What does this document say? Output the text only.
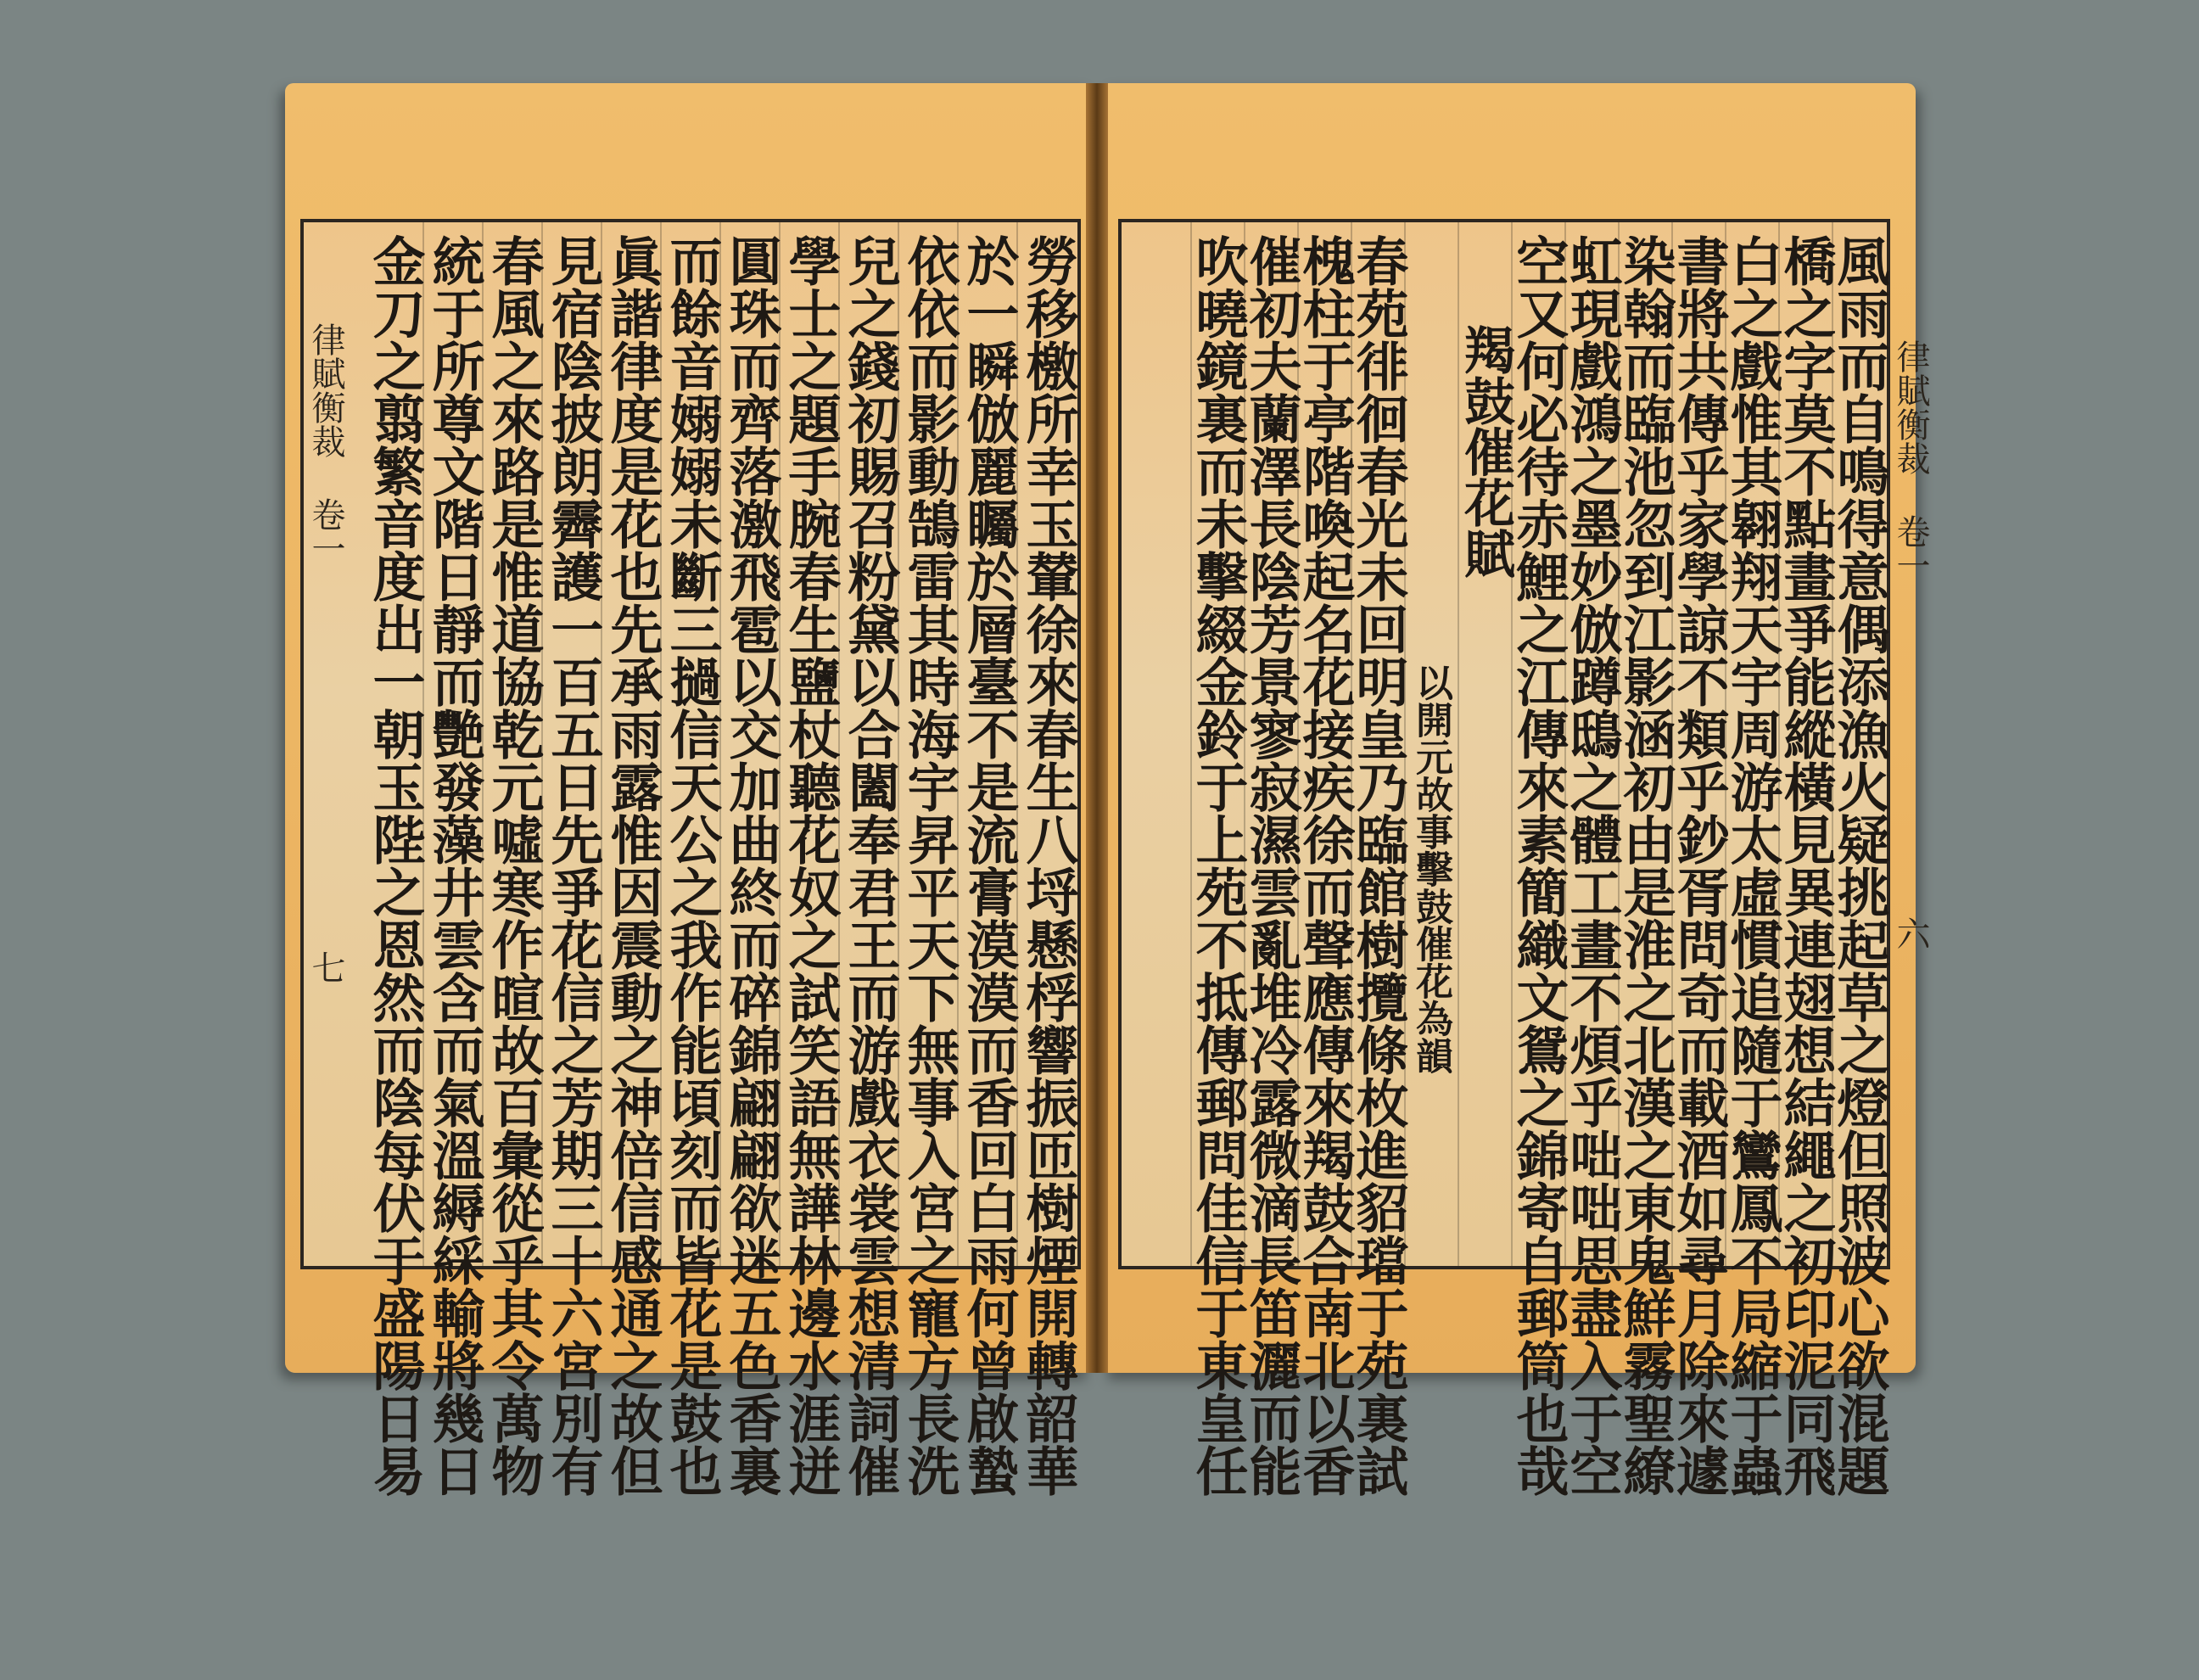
風雨而自鳴得意偶添漁火疑挑起草之燈但照波心欲混題
橋之字莫不點畫爭能縱橫見異連翅想結繩之初印泥同飛
白之戲惟其翱翔天宇周游太虛慣追隨于鸞鳳不局縮于蟲
書將共傳乎家學諒不類乎鈔胥問奇而載酒如尋月除來遽
染翰而臨池忽到江影涵初由是淮之北漢之東鬼鮮霧聖繚
虹現戲鴻之墨妙倣蹲鴟之體工畫不煩乎咄咄思盡入于空
空又何必待赤鯉之江傳來素簡織文鴛之錦寄自郵筒也哉
羯鼓催花賦
以開元故事擊鼓催花為韻
春苑徘徊春光未回明皇乃臨館樹攬條枚進貂璫于苑裏試
槐柱于亭階喚起名花接疾徐而聲應傳來羯鼓合南北以香
催初夫蘭澤長陰芳景寥寂濕雲亂堆冷露微滴長笛灑而能
吹曉鏡裏而未擊綴金鈴于上苑不抵傳郵問佳信于東皇任	律賦衡裁 卷一
六
勞移檄所幸玉輦徐來春生八埒懸桴響振匝樹煙開轉韶華
於一瞬倣麗矚於層臺不是流膏漠漠而香回白雨何曾啟蟄
依依而影動鵠雷其時海宇昇平天下無事入宮之寵方長洗
兒之錢初賜召粉黛以合闔奉君王而游戲衣裳雲想清詞催
學士之題手腕春生鹽杖聽花奴之試笑語無譁林邊水涯迸
圓珠而齊落激飛雹以交加曲終而碎錦翩翩欲迷五色香裏
而餘音嫋嫋未斷三撾信天公之我作能頃刻而皆花是鼓也
眞諧律度是花也先承雨露惟因震動之神倍信感通之故但
見宿陰披朗霽護一百五日先爭花信之芳期三十六宮別有
春風之來路是惟道協乾元噓寒作暄故百彙從乎其令萬物
統于所尊文階日靜而艷發藻井雲含而氣溫縟綵輸將幾日
金刀之翦繁音度出一朝玉陛之恩然而陰每伏于盛陽日易
律賦衡裁 卷一
七
